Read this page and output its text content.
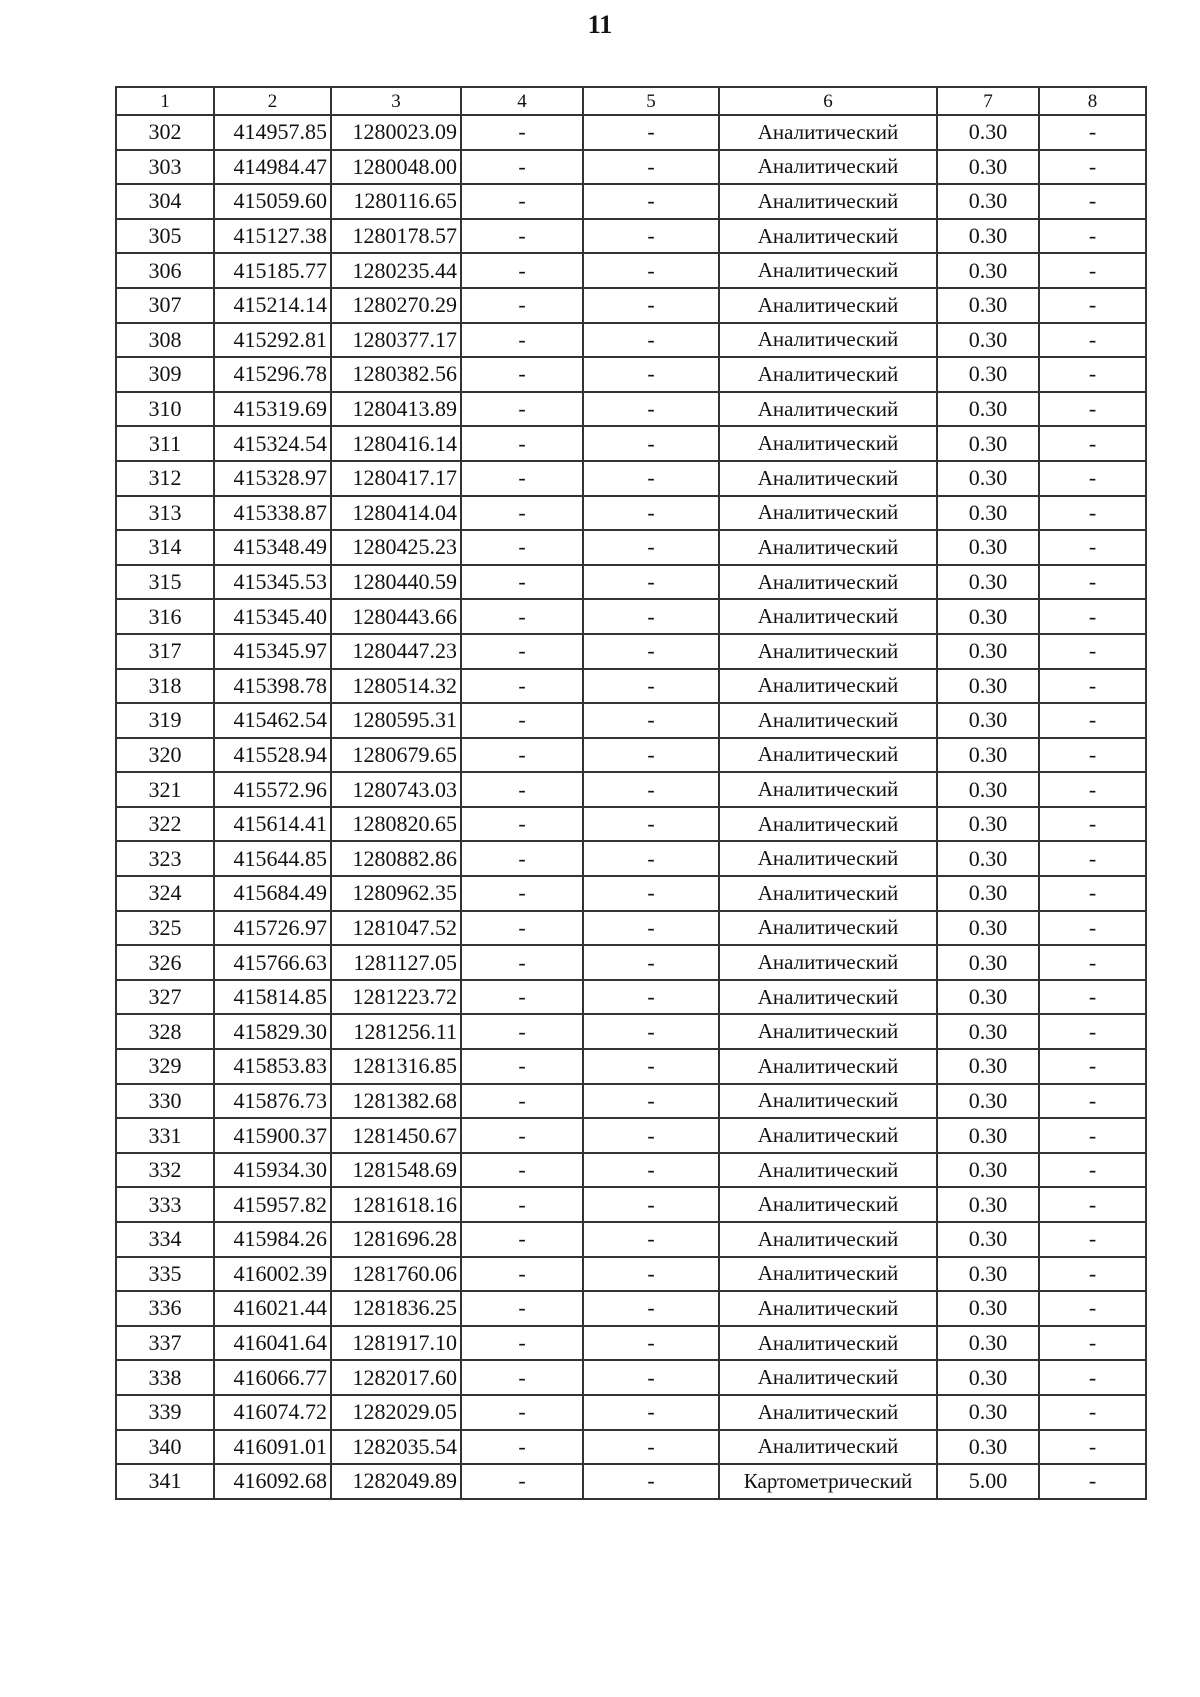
11
1	2	3	4	5	6	7	8
302	414957.85	1280023.09	-	-	Аналитический	0.30	-
303	414984.47	1280048.00	-	-	Аналитический	0.30	-
304	415059.60	1280116.65	-	-	Аналитический	0.30	-
305	415127.38	1280178.57	-	-	Аналитический	0.30	-
306	415185.77	1280235.44	-	-	Аналитический	0.30	-
307	415214.14	1280270.29	-	-	Аналитический	0.30	-
308	415292.81	1280377.17	-	-	Аналитический	0.30	-
309	415296.78	1280382.56	-	-	Аналитический	0.30	-
310	415319.69	1280413.89	-	-	Аналитический	0.30	-
311	415324.54	1280416.14	-	-	Аналитический	0.30	-
312	415328.97	1280417.17	-	-	Аналитический	0.30	-
313	415338.87	1280414.04	-	-	Аналитический	0.30	-
314	415348.49	1280425.23	-	-	Аналитический	0.30	-
315	415345.53	1280440.59	-	-	Аналитический	0.30	-
316	415345.40	1280443.66	-	-	Аналитический	0.30	-
317	415345.97	1280447.23	-	-	Аналитический	0.30	-
318	415398.78	1280514.32	-	-	Аналитический	0.30	-
319	415462.54	1280595.31	-	-	Аналитический	0.30	-
320	415528.94	1280679.65	-	-	Аналитический	0.30	-
321	415572.96	1280743.03	-	-	Аналитический	0.30	-
322	415614.41	1280820.65	-	-	Аналитический	0.30	-
323	415644.85	1280882.86	-	-	Аналитический	0.30	-
324	415684.49	1280962.35	-	-	Аналитический	0.30	-
325	415726.97	1281047.52	-	-	Аналитический	0.30	-
326	415766.63	1281127.05	-	-	Аналитический	0.30	-
327	415814.85	1281223.72	-	-	Аналитический	0.30	-
328	415829.30	1281256.11	-	-	Аналитический	0.30	-
329	415853.83	1281316.85	-	-	Аналитический	0.30	-
330	415876.73	1281382.68	-	-	Аналитический	0.30	-
331	415900.37	1281450.67	-	-	Аналитический	0.30	-
332	415934.30	1281548.69	-	-	Аналитический	0.30	-
333	415957.82	1281618.16	-	-	Аналитический	0.30	-
334	415984.26	1281696.28	-	-	Аналитический	0.30	-
335	416002.39	1281760.06	-	-	Аналитический	0.30	-
336	416021.44	1281836.25	-	-	Аналитический	0.30	-
337	416041.64	1281917.10	-	-	Аналитический	0.30	-
338	416066.77	1282017.60	-	-	Аналитический	0.30	-
339	416074.72	1282029.05	-	-	Аналитический	0.30	-
340	416091.01	1282035.54	-	-	Аналитический	0.30	-
341	416092.68	1282049.89	-	-	Картометрический	5.00	-
